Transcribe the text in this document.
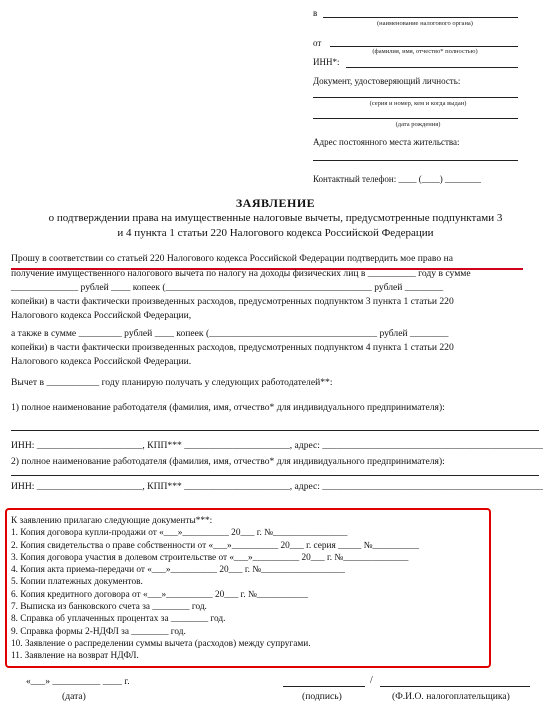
в
(наименование налогового органа)
от
(фамилия, имя, отчество* полностью)
ИНН*:
Документ, удостоверяющий личность:
(серия и номер, кем и когда выдан)
(дата рождения)
Адрес постоянного места жительства:
Контактный телефон: ____ (____) ________
ЗАЯВЛЕНИЕ
о подтверждении права на имущественные налоговые вычеты, предусмотренные подпунктами 3
и 4 пункта 1 статьи 220 Налогового кодекса Российской Федерации
Прошу в соответствии со статьей 220 Налогового кодекса Российской Федерации подтвердить мое право на
получение имущественного налогового вычета по налогу на доходы физических лиц в __________ году в сумме
______________ рублей ____ копеек (___________________________________________ рублей ________
копейки) в части фактически произведенных расходов, предусмотренных подпунктом 3 пункта 1 статьи 220
Налогового кодекса Российской Федерации,
а также в сумме _________ рублей ____ копеек (___________________________________ рублей ________
копейки) в части фактически произведенных расходов, предусмотренных подпунктом 4 пункта 1 статьи 220
Налогового кодекса Российской Федерации.
Вычет в ___________ году планирую получать у следующих работодателей**:
1) полное наименование работодателя (фамилия, имя, отчество* для индивидуального предпринимателя):
ИНН: ______________________, КПП*** ______________________, адрес: ______________________________________________
2) полное наименование работодателя (фамилия, имя, отчество* для индивидуального предпринимателя):
ИНН: ______________________, КПП*** ______________________, адрес: ______________________________________________
К заявлению прилагаю следующие документы***:
1. Копия договора купли-продажи от «___»__________ 20___ г. №________________
2. Копия свидетельства о праве собственности от «___»__________ 20___ г. серия _____ №__________
3. Копия договора участия в долевом строительстве от «___»__________ 20___ г. №______________
4. Копия акта приема-передачи от «___»__________ 20___ г. №__________________
5. Копии платежных документов.
6. Копия кредитного договора от «___»__________ 20___ г. №___________
7. Выписка из банковского счета за ________ год.
8. Справка об уплаченных процентах за ________ год.
9. Справка формы 2-НДФЛ за ________ год.
10. Заявление о распределении суммы вычета (расходов) между супругами.
11. Заявление на возврат НДФЛ.
«___» __________ ____ г.
(дата)	(подпись)
/
(Ф.И.О. налогоплательщика)
